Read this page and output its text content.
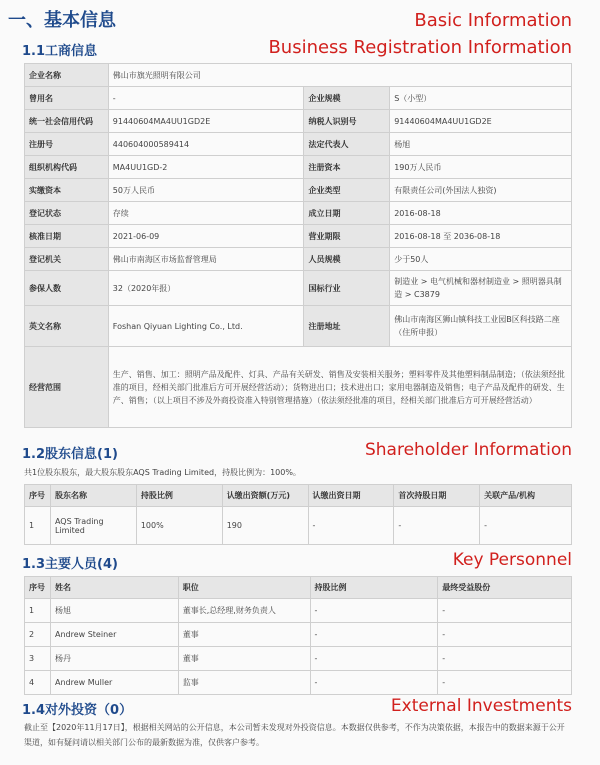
一、基本信息	Basic Information
1.1工商信息	Business Registration Information
企业名称	佛山市旗光照明有限公司		
曾用名	-	企业规模	S（小型）
统一社会信用代码	91440604MA4UU1GD2E	纳税人识别号	91440604MA4UU1GD2E
注册号	440604000589414	法定代表人	杨旭
组织机构代码	MA4UU1GD-2	注册资本	190万人民币
实缴资本	50万人民币	企业类型	有限责任公司(外国法人独资)
登记状态	存续	成立日期	2016-08-18
核准日期	2021-06-09	营业期限	2016-08-18 至 2036-08-18
登记机关	佛山市南海区市场监督管理局	人员规模	少于50人
参保人数	32（2020年报）	国标行业	制造业 > 电气机械和器材制造业 > 照明器具制造 > C3879
英文名称	Foshan Qiyuan Lighting Co., Ltd.	注册地址	佛山市南海区狮山镇科技工业园B区科技路二座（住所申报）
经营范围	生产、销售、加工：照明产品及配件、灯具、产品有关研发、销售及安装相关服务；塑料零件及其他塑料制品制造；（依法须经批准的项目，经相关部门批准后方可开展经营活动）；货物进出口；技术进出口；家用电器制造及销售；电子产品及配件的研发、生产、销售；（以上项目不涉及外商投资准入特别管理措施）（依法须经批准的项目，经相关部门批准后方可开展经营活动）		
1.2股东信息(1)	Shareholder Information
共1位股东股东，最大股东股东AQS Trading Limited，持股比例为：100%。
序号	股东名称	持股比例	认缴出资额(万元)	认缴出资日期	首次持股日期	关联产品/机构
1	AQS Trading Limited	100%	190	-	-	-
1.3主要人员(4)	Key Personnel
序号	姓名	职位	持股比例	最终受益股份
1	杨旭	董事长,总经理,财务负责人	-	-
2	Andrew Steiner	董事	-	-
3	杨丹	董事	-	-
4	Andrew Muller	监事	-	-
1.4对外投资（0）	External Investments
截止至【2020年11月17日】，根据相关网站的公开信息，本公司暂未发现对外投资信息。本数据仅供参考，不作为决策依据，本报告中的数据来源于公开渠道，如有疑问请以相关部门公布的最新数据为准，仅供客户参考。
